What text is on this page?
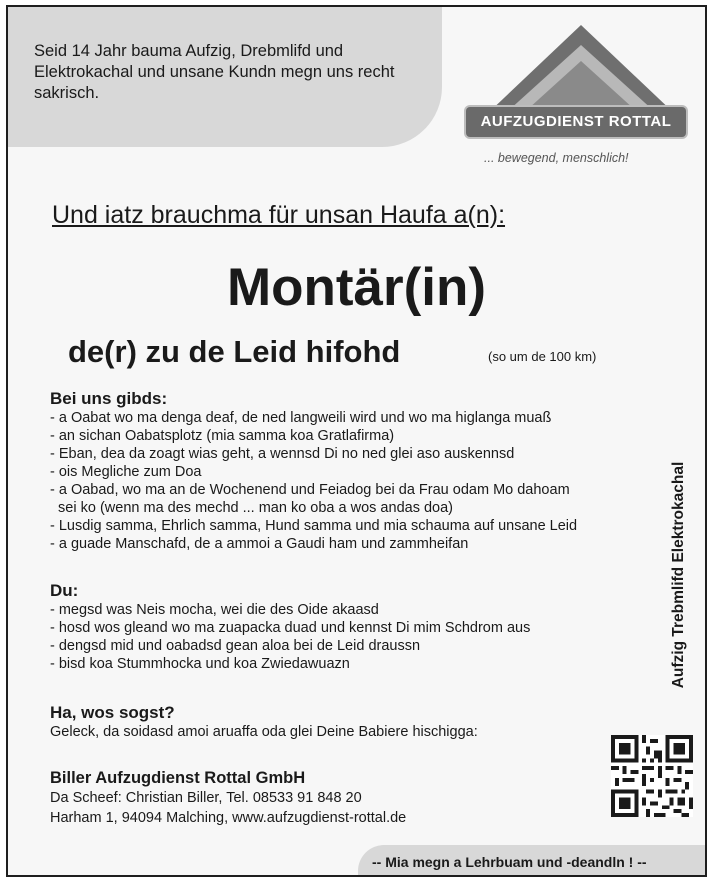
Seid 14 Jahr bauma Aufzig, Drebmlifd und Elektrokachal und unsane Kundn megn uns recht sakrisch.
AUFZUGDIENST ROTTAL
... bewegend, menschlich!
Und iatz brauchma für unsan Haufa a(n):
Montär(in)
de(r) zu de Leid hifohd	(so um de 100 km)
Bei uns gibds:
- a Oabat wo ma denga deaf, de ned langweili wird und wo ma higlanga muaß
- an sichan Oabatsplotz (mia samma koa Gratlafirma)
- Eban, dea da zoagt wias geht, a wennsd Di no ned glei aso auskennsd
- ois Megliche zum Doa
- a Oabad, wo ma an de Wochenend und Feiadog bei da Frau odam Mo dahoam
sei ko (wenn ma des mechd ... man ko oba a wos andas doa)
- Lusdig samma, Ehrlich samma, Hund samma und mia schauma auf unsane Leid
- a guade Manschafd, de a ammoi a Gaudi ham und zammheifan
Du:
- megsd was Neis mocha, wei die des Oide akaasd
- hosd wos gleand wo ma zuapacka duad und kennst Di mim Schdrom aus
- dengsd mid und oabadsd gean aloa bei de Leid draussn
- bisd koa Stummhocka und koa Zwiedawuazn
Ha, wos sogst?
Geleck, da soidasd amoi aruaffa oda glei Deine Babiere hischigga:
Biller Aufzugdienst Rottal GmbH
Da Scheef: Christian Biller, Tel. 08533 91 848 20
Harham 1, 94094 Malching, www.aufzugdienst-rottal.de
Aufzig Trebmlifd Elektrokachal
-- Mia megn a Lehrbuam und -deandln ! --
